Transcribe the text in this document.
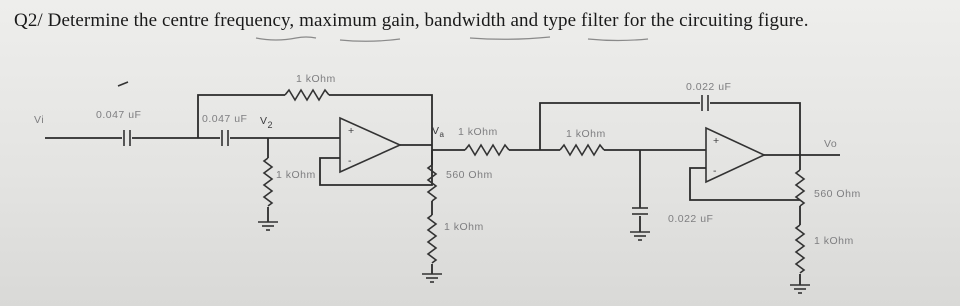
Q2/ Determine the centre frequency, maximum gain, bandwidth and type filter for the circuiting figure.
+
-
+
-
Vi	0.047 uF	0.047 uF V2
1 kOhm
1 kOhm
$V_a$ 1 kOhm
560 Ohm
1 kOhm
1 kOhm
0.022 uF
0.022 uF
Vo
560 Ohm
1 kOhm
